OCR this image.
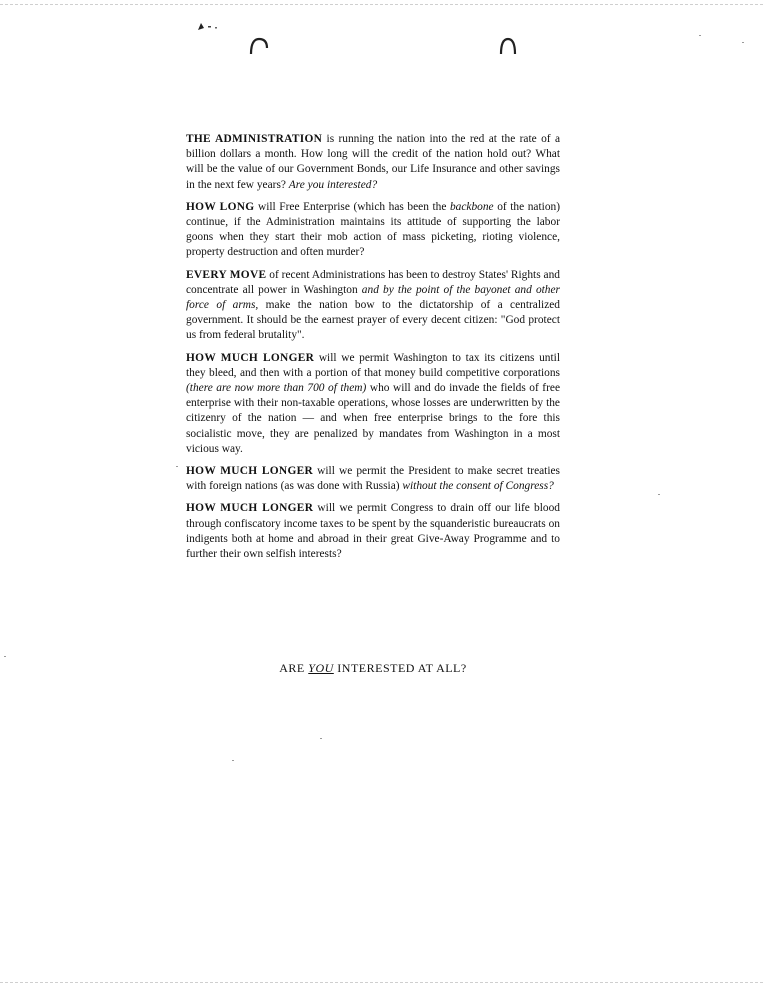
THE ADMINISTRATION is running the nation into the red at the rate of a billion dollars a month. How long will the credit of the nation hold out? What will be the value of our Government Bonds, our Life Insurance and other savings in the next few years? Are you interested?

HOW LONG will Free Enterprise (which has been the backbone of the nation) continue, if the Administration maintains its attitude of supporting the labor goons when they start their mob action of mass picketing, rioting violence, property destruction and often murder?

EVERY MOVE of recent Administrations has been to destroy States' Rights and concentrate all power in Washington and by the point of the bayonet and other force of arms, make the nation bow to the dictatorship of a centralized government. It should be the earnest prayer of every decent citizen: "God protect us from federal brutality".

HOW MUCH LONGER will we permit Washington to tax its citizens until they bleed, and then with a portion of that money build competitive corporations (there are now more than 700 of them) who will and do invade the fields of free enterprise with their non-taxable operations, whose losses are underwritten by the citizenry of the nation — and when free enterprise brings to the fore this socialistic move, they are penalized by mandates from Washington in a most vicious way.

HOW MUCH LONGER will we permit the President to make secret treaties with foreign nations (as was done with Russia) without the consent of Congress?

HOW MUCH LONGER will we permit Congress to drain off our life blood through confiscatory income taxes to be spent by the squanderistic bureaucrats on indigents both at home and abroad in their great Give-Away Programme and to further their own selfish interests?

ARE YOU INTERESTED AT ALL?
